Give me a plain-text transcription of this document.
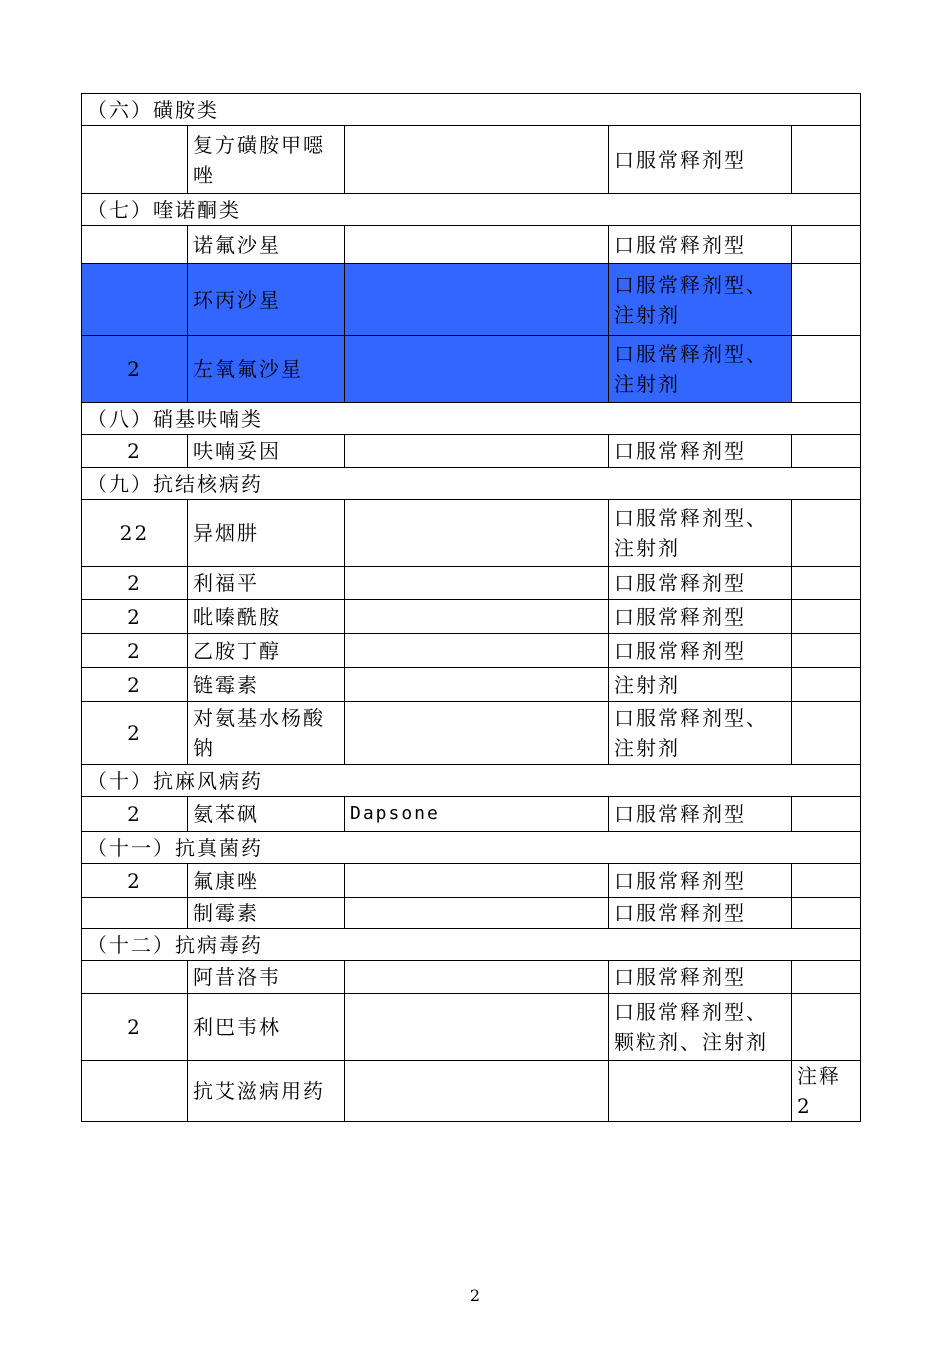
（六）磺胺类				
	复方磺胺甲噁唑		口服常释剂型	
（七）喹诺酮类				
	诺氟沙星		口服常释剂型	
	环丙沙星		口服常释剂型、注射剂	
2	左氧氟沙星		口服常释剂型、注射剂	
（八）硝基呋喃类				
2	呋喃妥因		口服常释剂型	
（九）抗结核病药				
22	异烟肼		口服常释剂型、注射剂	
2	利福平		口服常释剂型	
2	吡嗪酰胺		口服常释剂型	
2	乙胺丁醇		口服常释剂型	
2	链霉素		注射剂	
2	对氨基水杨酸钠		口服常释剂型、注射剂	
（十）抗麻风病药				
2	氨苯砜	Dapsone	口服常释剂型	
（十一）抗真菌药				
2	氟康唑		口服常释剂型	
	制霉素		口服常释剂型	
（十二）抗病毒药				
	阿昔洛韦		口服常释剂型	
2	利巴韦林		口服常释剂型、颗粒剂、注射剂	
	抗艾滋病用药			注释2
2
